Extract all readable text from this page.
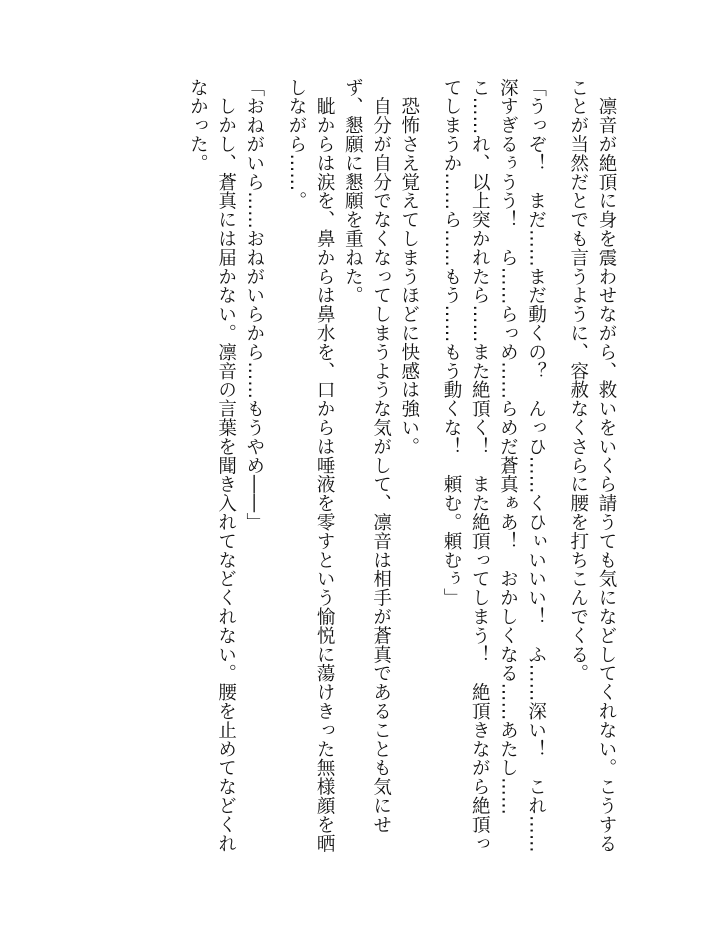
　凛音が絶頂に身を震わせながら、救いをいくら請うても気になどしてくれない。こうすることが当然だとでも言うように、容赦なくさらに腰を打ちこんでくる。

「うっぞ！　まだ……まだ動くの？　んっひ……くひぃいいい！　ふ……深い！　これ……深すぎるぅうう！　ら……らっめ……らめだ蒼真ぁあ！　おかしくなる……あたし……こ……れ、以上突かれたら……また絶頂く！　また絶頂ってしまう！　絶頂きながら絶頂ってしまうか……ら……もう……もう動くな！　頼む。頼むぅ」

　恐怖さえ覚えてしまうほどに快感は強い。

　自分が自分でなくなってしまうような気がして、凛音は相手が蒼真であることも気にせず、懇願に懇願を重ねた。

　眦からは涙を、鼻からは鼻水を、口からは唾液を零すという愉悦に蕩けきった無様顔を晒しながら……。

「おねがいら……おねがいらから……もうやめ――」

　しかし、蒼真には届かない。凛音の言葉を聞き入れてなどくれない。腰を止めてなどくれなかった。
